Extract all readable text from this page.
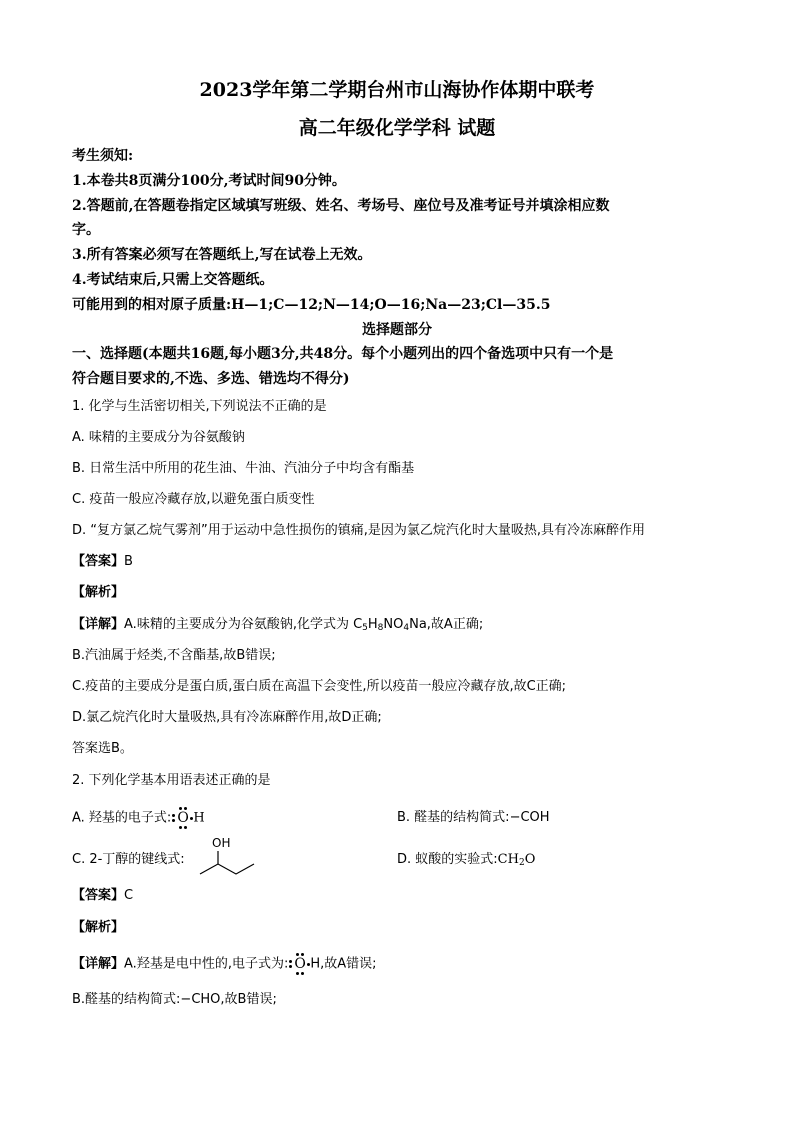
2023学年第二学期台州市山海协作体期中联考
高二年级化学学科 试题
考生须知:
1.本卷共8页满分100分,考试时间90分钟。
2.答题前,在答题卷指定区域填写班级、姓名、考场号、座位号及准考证号并填涂相应数
字。
3.所有答案必须写在答题纸上,写在试卷上无效。
4.考试结束后,只需上交答题纸。
可能用到的相对原子质量:H—1;C—12;N—14;O—16;Na—23;Cl—35.5
选择题部分
一、选择题(本题共16题,每小题3分,共48分。每个小题列出的四个备选项中只有一个是
符合题目要求的,不选、多选、错选均不得分)
1. 化学与生活密切相关,下列说法不正确的是
A. 味精的主要成分为谷氨酸钠
B. 日常生活中所用的花生油、牛油、汽油分子中均含有酯基
C. 疫苗一般应冷藏存放,以避免蛋白质变性
D. “复方氯乙烷气雾剂”用于运动中急性损伤的镇痛,是因为氯乙烷汽化时大量吸热,具有冷冻麻醉作用
【答案】B
【解析】
【详解】A.味精的主要成分为谷氨酸钠,化学式为 $C_5H_8NO_4Na$,故A正确;
B.汽油属于烃类,不含酯基,故B错误;
C.疫苗的主要成分是蛋白质,蛋白质在高温下会变性,所以疫苗一般应冷藏存放,故C正确;
D.氯乙烷汽化时大量吸热,具有冷冻麻醉作用,故D正确;
答案选B。
2. 下列化学基本用语表述正确的是
A. 羟基的电子式: O H	B. 醛基的结构简式:−COH
C. 2-丁醇的键线式:
OH
D. 蚁酸的实验式$:CH_2O$
【答案】C
【解析】
【详解】A.羟基是电中性的,电子式为: O H,故A错误;
B.醛基的结构简式:−CHO,故B错误;
